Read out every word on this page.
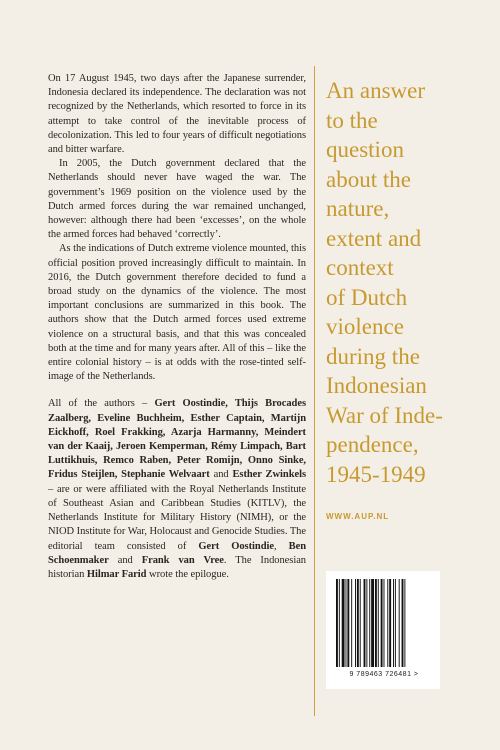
On 17 August 1945, two days after the Japanese surrender, Indonesia declared its independence. The declaration was not recognized by the Netherlands, which resorted to force in its attempt to take control of the inevitable process of decolonization. This led to four years of difficult negotiations and bitter warfare.

In 2005, the Dutch government declared that the Netherlands should never have waged the war. The government’s 1969 position on the violence used by the Dutch armed forces during the war remained unchanged, however: although there had been ‘excesses’, on the whole the armed forces had behaved ‘correctly’.

As the indications of Dutch extreme violence mounted, this official position proved increasingly difficult to maintain. In 2016, the Dutch government therefore decided to fund a broad study on the dynamics of the violence. The most important conclusions are summarized in this book. The authors show that the Dutch armed forces used extreme violence on a structural basis, and that this was concealed both at the time and for many years after. All of this – like the entire colonial history – is at odds with the rose-tinted self-image of the Netherlands.

All of the authors – Gert Oostindie, Thijs Brocades Zaalberg, Eveline Buchheim, Esther Captain, Martijn Eickhoff, Roel Frakking, Azarja Harmanny, Meindert van der Kaaij, Jeroen Kemperman, Rémy Limpach, Bart Luttikhuis, Remco Raben, Peter Romijn, Onno Sinke, Fridus Steijlen, Stephanie Welvaart and Esther Zwinkels – are or were affiliated with the Royal Netherlands Institute of Southeast Asian and Caribbean Studies (KITLV), the Netherlands Institute for Military History (NIMH), or the NIOD Institute for War, Holocaust and Genocide Studies. The editorial team consisted of Gert Oostindie, Ben Schoenmaker and Frank van Vree. The Indonesian historian Hilmar Farid wrote the epilogue.

An answer
to the
question
about the
nature,
extent and
context
of Dutch
violence
during the
Indonesian
War of Inde-
pendence,
1945-1949
WWW.AUP.NL
9 789463 726481 >
